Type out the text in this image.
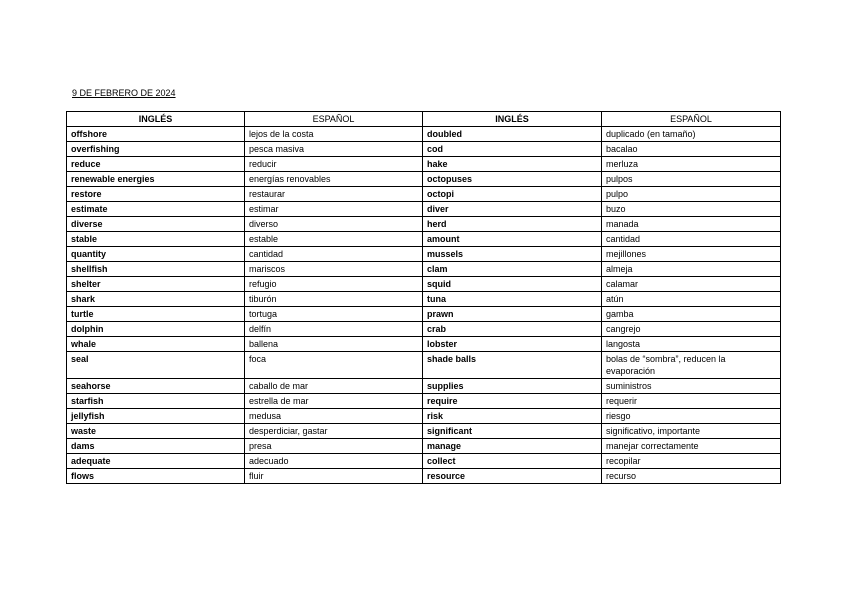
9 DE FEBRERO DE 2024
INGLÉS	ESPAÑOL	INGLÉS	ESPAÑOL
offshore	lejos de la costa	doubled	duplicado (en tamaño)
overfishing	pesca masiva	cod	bacalao
reduce	reducir	hake	merluza
renewable energies	energías renovables	octopuses	pulpos
restore	restaurar	octopi	pulpo
estimate	estimar	diver	buzo
diverse	diverso	herd	manada
stable	estable	amount	cantidad
quantity	cantidad	mussels	mejillones
shellfish	mariscos	clam	almeja
shelter	refugio	squid	calamar
shark	tiburón	tuna	atún
turtle	tortuga	prawn	gamba
dolphin	delfín	crab	cangrejo
whale	ballena	lobster	langosta
seal	foca	shade balls	bolas de “sombra”, reducen la evaporación
seahorse	caballo de mar	supplies	suministros
starfish	estrella de mar	require	requerir
jellyfish	medusa	risk	riesgo
waste	desperdiciar, gastar	significant	significativo, importante
dams	presa	manage	manejar correctamente
adequate	adecuado	collect	recopilar
flows	fluir	resource	recurso
